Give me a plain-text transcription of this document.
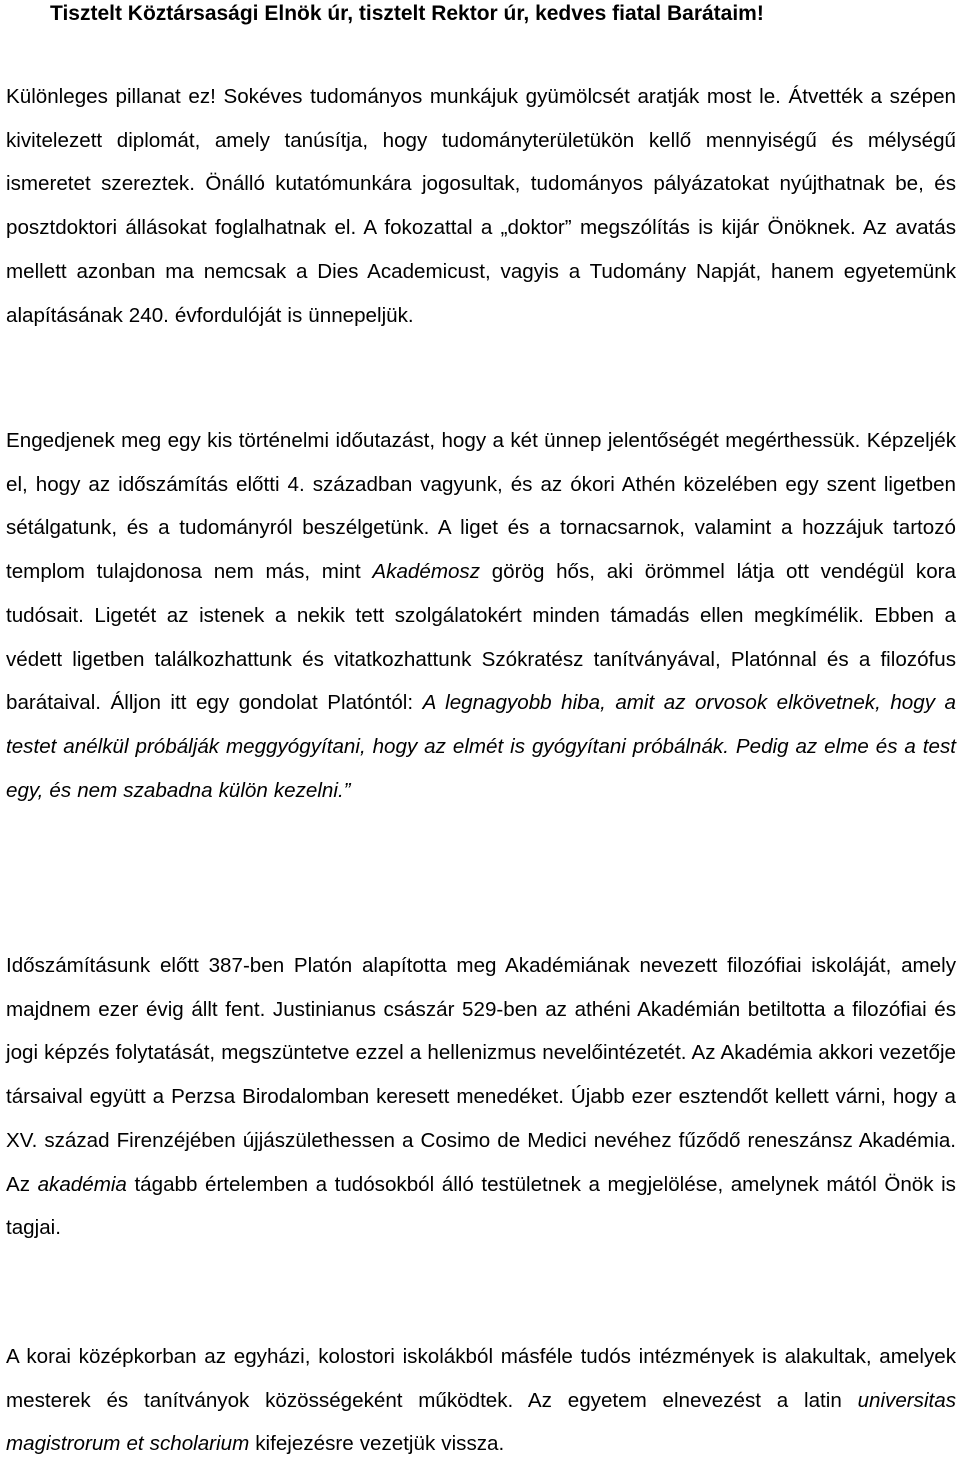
Tisztelt Köztársasági Elnök úr, tisztelt Rektor úr, kedves fiatal Barátaim!

Különleges pillanat ez! Sokéves tudományos munkájuk gyümölcsét aratják most le. Átvették a szépen kivitelezett diplomát, amely tanúsítja, hogy tudományterületükön kellő mennyiségű és mélységű ismeretet szereztek. Önálló kutatómunkára jogosultak, tudományos pályázatokat nyújthatnak be, és posztdoktori állásokat foglalhatnak el. A fokozattal a „doktor” megszólítás is kijár Önöknek. Az avatás mellett azonban ma nemcsak a Dies Academicust, vagyis a Tudomány Napját, hanem egyetemünk alapításának 240. évfordulóját is ünnepeljük.

Engedjenek meg egy kis történelmi időutazást, hogy a két ünnep jelentőségét megérthessük. Képzeljék el, hogy az időszámítás előtti 4. században vagyunk, és az ókori Athén közelében egy szent ligetben sétálgatunk, és a tudományról beszélgetünk. A liget és a tornacsarnok, valamint a hozzájuk tartozó templom tulajdonosa nem más, mint Akadémosz görög hős, aki örömmel látja ott vendégül kora tudósait. Ligetét az istenek a nekik tett szolgálatokért minden támadás ellen megkímélik. Ebben a védett ligetben találkozhattunk és vitatkozhattunk Szókratész tanítványával, Platónnal és a filozófus barátaival. Álljon itt egy gondolat Platóntól: A legnagyobb hiba, amit az orvosok elkövetnek, hogy a testet anélkül próbálják meggyógyítani, hogy az elmét is gyógyítani próbálnák. Pedig az elme és a test egy, és nem szabadna külön kezelni.”

Időszámításunk előtt 387-ben Platón alapította meg Akadémiának nevezett filozófiai iskoláját, amely majdnem ezer évig állt fent. Justinianus császár 529-ben az athéni Akadémián betiltotta a filozófiai és jogi képzés folytatását, megszüntetve ezzel a hellenizmus nevelőintézetét. Az Akadémia akkori vezetője társaival együtt a Perzsa Birodalomban keresett menedéket. Újabb ezer esztendőt kellett várni, hogy a XV. század Firenzéjében újjászülethessen a Cosimo de Medici nevéhez fűződő reneszánsz Akadémia. Az akadémia tágabb értelemben a tudósokból álló testületnek a megjelölése, amelynek mától Önök is tagjai.

A korai középkorban az egyházi, kolostori iskolákból másféle tudós intézmények is alakultak, amelyek mesterek és tanítványok közösségeként működtek. Az egyetem elnevezést a latin universitas magistrorum et scholarium kifejezésre vezetjük vissza.
